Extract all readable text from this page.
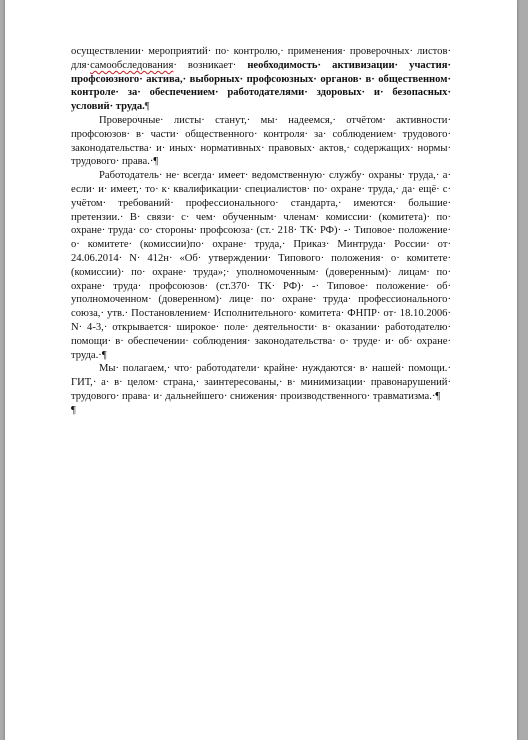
осуществлении· мероприятий· по· контролю,· применения· проверочных· листов· для·самообследования· возникает· необходимость· активизации· участия· профсоюзного· актива,· выборных· профсоюзных· органов· в· общественном· контроле· за· обеспечением· работодателями· здоровых· и· безопасных· условий· труда.¶

Проверочные· листы· станут,· мы· надеемся,· отчётом· активности· профсоюзов· в· части· общественного· контроля· за· соблюдением· трудового· законодательства· и· иных· нормативных· правовых· актов,· содержащих· нормы· трудового· права.·¶

Работодатель· не· всегда· имеет· ведомственную· службу· охраны· труда,· а· если· и· имеет,· то· к· квалификации· специалистов· по· охране· труда,· да· ещё· с· учётом· требований· профессионального· стандарта,· имеются· большие· претензии.· В· связи· с· чем· обученным· членам· комиссии· (комитета)· по· охране· труда· со· стороны· профсоюза· (ст.· 218· ТК· РФ)· -· Типовое· положение· о· комитете· (комиссии)по· охране· труда,· Приказ· Минтруда· России· от· 24.06.2014· N· 412н· «Об· утверждении· Типового· положения· о· комитете· (комиссии)· по· охране· труда»;· уполномоченным· (доверенным)· лицам· по· охране· труда· профсоюзов· (ст.370· ТК· РФ)· -· Типовое· положение· об· уполномоченном· (доверенном)· лице· по· охране· труда· профессионального· союза,· утв.· Постановлением· Исполнительного· комитета· ФНПР· от· 18.10.2006· N· 4-3,· открывается· широкое· поле· деятельности· в· оказании· работодателю· помощи· в· обеспечении· соблюдения· законодательства· о· труде· и· об· охране· труда.·¶

Мы· полагаем,· что· работодатели· крайне· нуждаются· в· нашей· помощи.· ГИТ,· а· в· целом· страна,· заинтересованы,· в· минимизации· правонарушений· трудового· права· и· дальнейшего· снижения· производственного· травматизма.·¶

¶
